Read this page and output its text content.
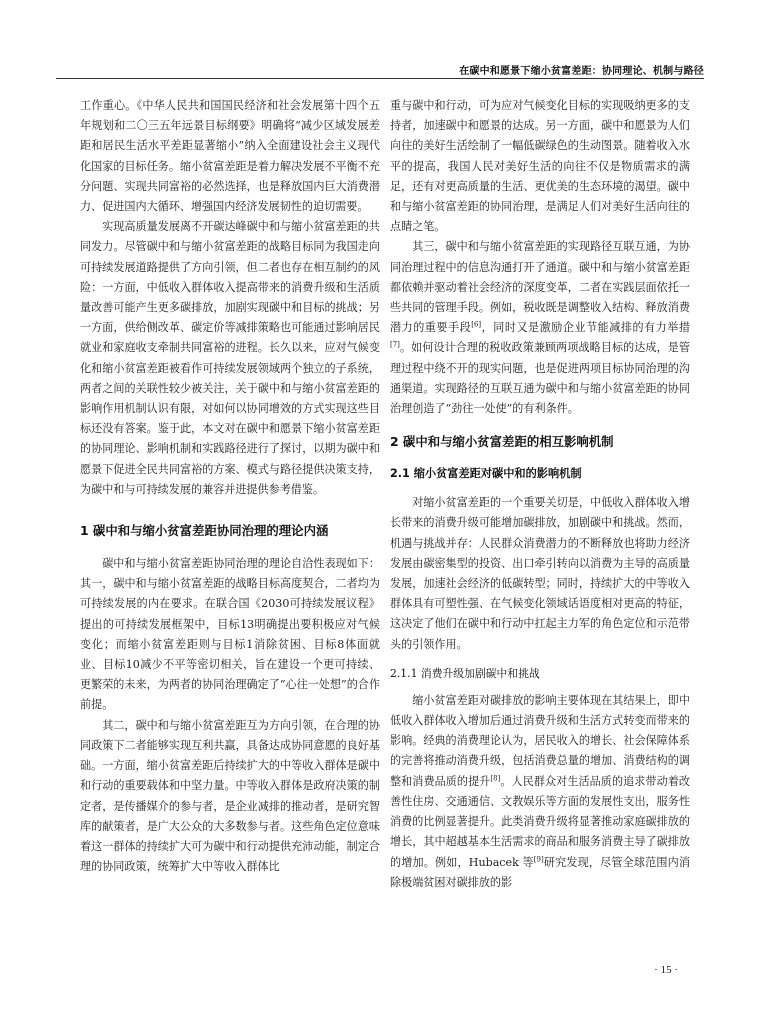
在碳中和愿景下缩小贫富差距：协同理论、机制与路径

工作重心。《中华人民共和国国民经济和社会发展第十四个五年规划和二〇三五年远景目标纲要》明确将“减少区域发展差距和居民生活水平差距显著缩小”纳入全面建设社会主义现代化国家的目标任务。缩小贫富差距是着力解决发展不平衡不充分问题、实现共同富裕的必然选择，也是释放国内巨大消费潜力、促进国内大循环、增强国内经济发展韧性的迫切需要。

实现高质量发展离不开碳达峰碳中和与缩小贫富差距的共同发力。尽管碳中和与缩小贫富差距的战略目标同为我国走向可持续发展道路提供了方向引领，但二者也存在相互制约的风险：一方面，中低收入群体收入提高带来的消费升级和生活质量改善可能产生更多碳排放，加剧实现碳中和目标的挑战；另一方面，供给侧改革、碳定价等减排策略也可能通过影响居民就业和家庭收支牵制共同富裕的进程。长久以来，应对气候变化和缩小贫富差距被看作可持续发展领域两个独立的子系统，两者之间的关联性较少被关注，关于碳中和与缩小贫富差距的影响作用机制认识有限，对如何以协同增效的方式实现这些目标还没有答案。鉴于此，本文对在碳中和愿景下缩小贫富差距的协同理论、影响机制和实践路径进行了探讨，以期为碳中和愿景下促进全民共同富裕的方案、模式与路径提供决策支持，为碳中和与可持续发展的兼容并进提供参考借鉴。

1 碳中和与缩小贫富差距协同治理的理论内涵

碳中和与缩小贫富差距协同治理的理论自洽性表现如下：其一，碳中和与缩小贫富差距的战略目标高度契合，二者均为可持续发展的内在要求。在联合国《2030可持续发展议程》提出的可持续发展框架中，目标13明确提出要积极应对气候变化；而缩小贫富差距则与目标1消除贫困、目标8体面就业、目标10减少不平等密切相关，旨在建设一个更可持续、更繁荣的未来，为两者的协同治理确定了“心往一处想”的合作前提。

其二，碳中和与缩小贫富差距互为方向引领，在合理的协同政策下二者能够实现互利共赢，具备达成协同意愿的良好基础。一方面，缩小贫富差距后持续扩大的中等收入群体是碳中和行动的重要载体和中坚力量。中等收入群体是政府决策的制定者，是传播媒介的参与者，是企业减排的推动者，是研究智库的献策者，是广大公众的大多数参与者。这些角色定位意味着这一群体的持续扩大可为碳中和行动提供充沛动能，制定合理的协同政策，统筹扩大中等收入群体比

重与碳中和行动，可为应对气候变化目标的实现吸纳更多的支持者，加速碳中和愿景的达成。另一方面，碳中和愿景为人们向往的美好生活绘制了一幅低碳绿色的生动图景。随着收入水平的提高，我国人民对美好生活的向往不仅是物质需求的满足，还有对更高质量的生活、更优美的生态环境的渴望。碳中和与缩小贫富差距的协同治理，是满足人们对美好生活向往的点睛之笔。

其三，碳中和与缩小贫富差距的实现路径互联互通，为协同治理过程中的信息沟通打开了通道。碳中和与缩小贫富差距都依赖并驱动着社会经济的深度变革，二者在实践层面依托一些共同的管理手段。例如，税收既是调整收入结构、释放消费潜力的重要手段[6]，同时又是激励企业节能减排的有力举措[7]。如何设计合理的税收政策兼顾两项战略目标的达成，是管理过程中绕不开的现实问题，也是促进两项目标协同治理的沟通渠道。实现路径的互联互通为碳中和与缩小贫富差距的协同治理创造了“劲往一处使”的有利条件。

2 碳中和与缩小贫富差距的相互影响机制
2.1 缩小贫富差距对碳中和的影响机制

对缩小贫富差距的一个重要关切是，中低收入群体收入增长带来的消费升级可能增加碳排放，加剧碳中和挑战。然而，机遇与挑战并存：人民群众消费潜力的不断释放也将助力经济发展由碳密集型的投资、出口牵引转向以消费为主导的高质量发展，加速社会经济的低碳转型；同时，持续扩大的中等收入群体具有可塑性强、在气候变化领域话语度相对更高的特征，这决定了他们在碳中和行动中扛起主力军的角色定位和示范带头的引领作用。

2.1.1 消费升级加剧碳中和挑战

缩小贫富差距对碳排放的影响主要体现在其结果上，即中低收入群体收入增加后通过消费升级和生活方式转变而带来的影响。经典的消费理论认为，居民收入的增长、社会保障体系的完善将推动消费升级，包括消费总量的增加、消费结构的调整和消费品质的提升[8]。人民群众对生活品质的追求带动着改善性住房、交通通信、文教娱乐等方面的发展性支出，服务性消费的比例显著提升。此类消费升级将显著推动家庭碳排放的增长，其中超越基本生活需求的商品和服务消费主导了碳排放的增加。例如，Hubacek 等[9]研究发现，尽管全球范围内消除极端贫困对碳排放的影

· 15 ·
